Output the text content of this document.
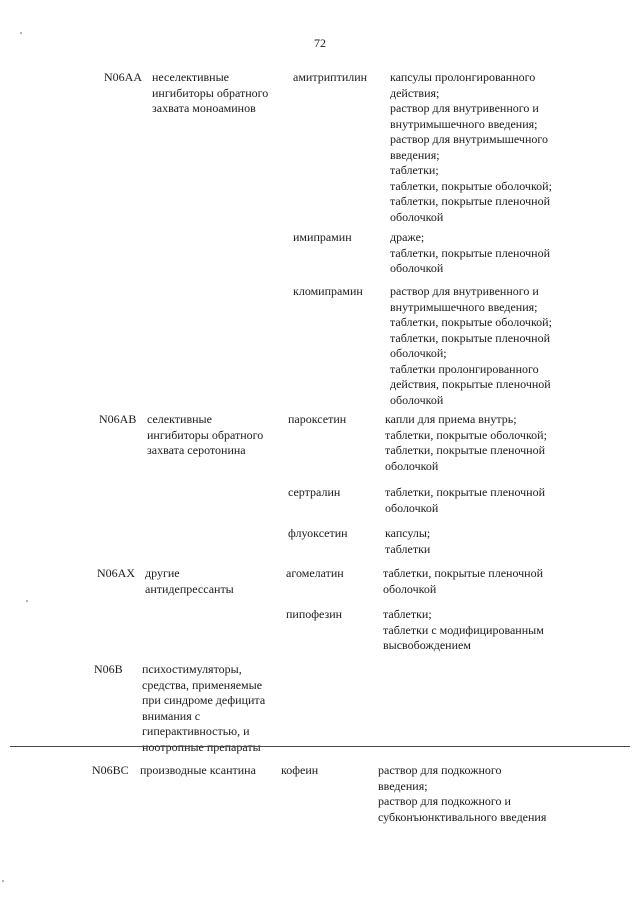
72
N06AA неселективные
ингибиторы обратного
захвата моноаминов
амитриптилин	капсулы пролонгированного
действия;
раствор для внутривенного и
внутримышечного введения;
раствор для внутримышечного
введения;
таблетки;
таблетки, покрытые оболочкой;
таблетки, покрытые пленочной
оболочкой
имипрамин	драже;
таблетки, покрытые пленочной
оболочкой
кломипрамин	раствор для внутривенного и
внутримышечного введения;
таблетки, покрытые оболочкой;
таблетки, покрытые пленочной
оболочкой;
таблетки пролонгированного
действия, покрытые пленочной
оболочкой
N06AB селективные
ингибиторы обратного
захвата серотонина
пароксетин	капли для приема внутрь;
таблетки, покрытые оболочкой;
таблетки, покрытые пленочной
оболочкой
сертралин	таблетки, покрытые пленочной
оболочкой
флуоксетин	капсулы;
таблетки
N06AX другие
антидепрессанты
агомелатин	таблетки, покрытые пленочной
оболочкой
пипофезин	таблетки;
таблетки с модифицированным
высвобождением
N06B	психостимуляторы,
средства, применяемые
при синдроме дефицита
внимания с
гиперактивностью, и
ноотропные препараты
N06BC производные ксантина	кофеин	раствор для подкожного
введения;
раствор для подкожного и
субконъюнктивального введения
